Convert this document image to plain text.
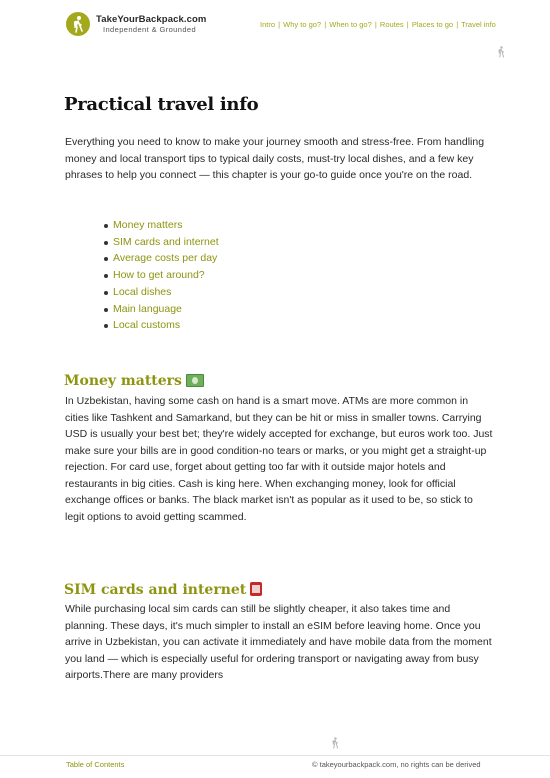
TakeYourBackpack.com
Independent & Grounded
Intro | Why to go? | When to go? | Routes | Places to go | Travel info
Practical travel info

Everything you need to know to make your journey smooth and stress-free. From handling money and local transport tips to typical daily costs, must-try local dishes, and a few key phrases to help you connect — this chapter is your go-to guide once you're on the road.

Money matters
SIM cards and internet
Average costs per day
How to get around?
Local dishes
Main language
Local customs
Money matters

In Uzbekistan, having some cash on hand is a smart move. ATMs are more common in cities like Tashkent and Samarkand, but they can be hit or miss in smaller towns. Carrying USD is usually your best bet; they're widely accepted for exchange, but euros work too. Just make sure your bills are in good condition-no tears or marks, or you might get a straight-up rejection. For card use, forget about getting too far with it outside major hotels and restaurants in big cities. Cash is king here. When exchanging money, look for official exchange offices or banks. The black market isn't as popular as it used to be, so stick to legit options to avoid getting scammed.

SIM cards and internet

While purchasing local sim cards can still be slightly cheaper, it also takes time and planning. These days, it's much simpler to install an eSIM before leaving home. Once you arrive in Uzbekistan, you can activate it immediately and have mobile data from the moment you land — which is especially useful for ordering transport or navigating away from busy airports.There are many providers

Table of Contents	© takeyourbackpack.com, no rights can be derived
